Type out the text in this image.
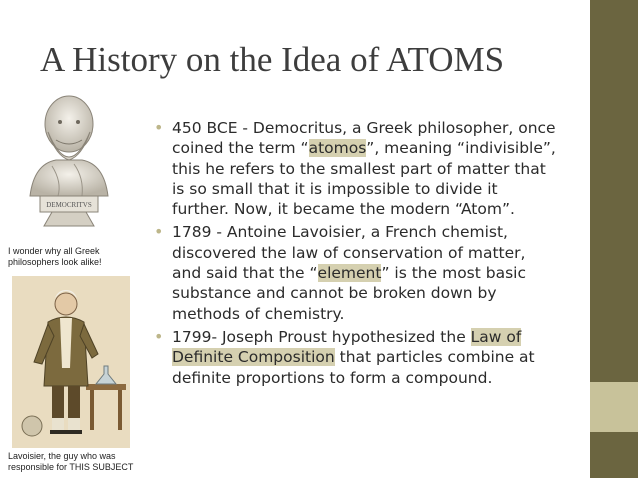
A History on the Idea of ATOMS
DEMOCRITVS
I wonder why all Greek philosophers look alike!
Lavoisier, the guy who was
responsible for THIS SUBJECT
• 450 BCE - Democritus, a Greek philosopher, once
coined the term “atomos”, meaning “indivisible”,
this he refers to the smallest part of matter that
is so small that it is impossible to divide it
further. Now, it became the modern “Atom”.
• 1789 - Antoine Lavoisier, a French chemist,
discovered the law of conservation of matter,
and said that the “element” is the most basic
substance and cannot be broken down by
methods of chemistry.
• 1799- Joseph Proust hypothesized the Law of
Definite Composition that particles combine at
definite proportions to form a compound.
